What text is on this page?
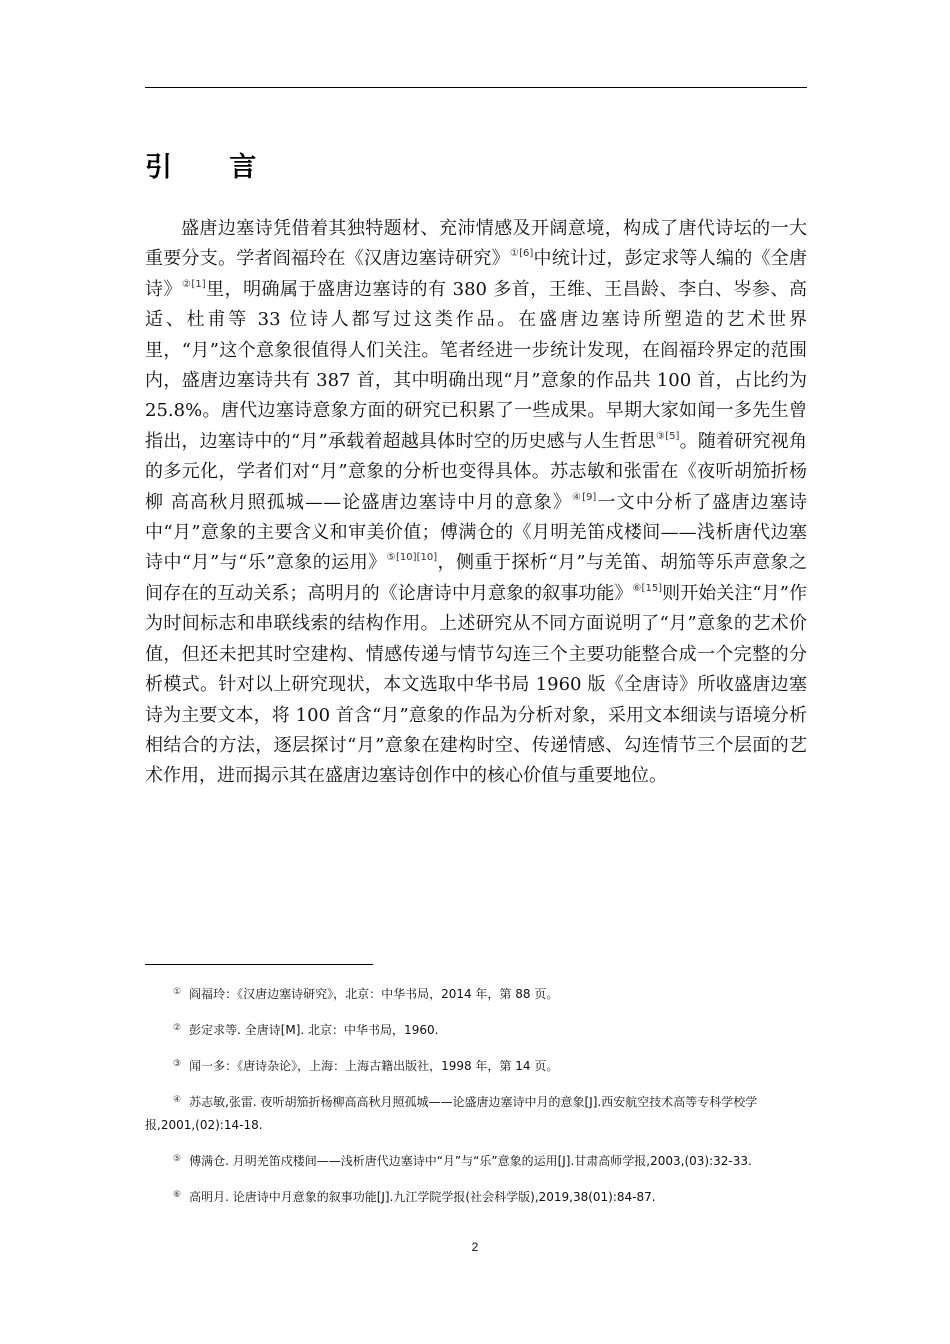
引 言

盛唐边塞诗凭借着其独特题材、充沛情感及开阔意境，构成了唐代诗坛的一大重要分支。学者阎福玲在《汉唐边塞诗研究》$^{①[6]}$中统计过，彭定求等人编的《全唐诗》$^{②[1]}$里，明确属于盛唐边塞诗的有 380 多首，王维、王昌龄、李白、岑参、高适、杜甫等 33 位诗人都写过这类作品。在盛唐边塞诗所塑造的艺术世界里，“月”这个意象很值得人们关注。笔者经进一步统计发现，在阎福玲界定的范围内，盛唐边塞诗共有 387 首，其中明确出现“月”意象的作品共 100 首，占比约为 25.8%。唐代边塞诗意象方面的研究已积累了一些成果。早期大家如闻一多先生曾指出，边塞诗中的“月”承载着超越具体时空的历史感与人生哲思$^{③[5]}$。随着研究视角的多元化，学者们对“月”意象的分析也变得具体。苏志敏和张雷在《夜听胡笳折杨柳 高高秋月照孤城——论盛唐边塞诗中月的意象》$^{④[9]}$一文中分析了盛唐边塞诗中“月”意象的主要含义和审美价值；傅满仓的《月明羌笛戍楼间——浅析唐代边塞诗中“月”与“乐”意象的运用》$^{⑤[10][10]}$，侧重于探析“月”与羌笛、胡笳等乐声意象之间存在的互动关系；高明月的《论唐诗中月意象的叙事功能》$^{⑥[15]}$则开始关注“月”作为时间标志和串联线索的结构作用。上述研究从不同方面说明了“月”意象的艺术价值，但还未把其时空建构、情感传递与情节勾连三个主要功能整合成一个完整的分析模式。针对以上研究现状，本文选取中华书局 1960 版《全唐诗》所收盛唐边塞诗为主要文本，将 100 首含“月”意象的作品为分析对象，采用文本细读与语境分析相结合的方法，逐层探讨“月”意象在建构时空、传递情感、勾连情节三个层面的艺术作用，进而揭示其在盛唐边塞诗创作中的核心价值与重要地位。

① 阎福玲：《汉唐边塞诗研究》，北京：中华书局，2014 年，第 88 页。

② 彭定求等. 全唐诗[M]. 北京：中华书局，1960.

③ 闻一多：《唐诗杂论》，上海：上海古籍出版社，1998 年，第 14 页。

④ 苏志敏,张雷. 夜听胡笳折杨柳高高秋月照孤城——论盛唐边塞诗中月的意象[J].西安航空技术高等专科学校学报,2001,(02):14-18.

⑤ 傅满仓. 月明羌笛戍楼间——浅析唐代边塞诗中“月”与“乐”意象的运用[J].甘肃高师学报,2003,(03):32-33.

⑥ 高明月. 论唐诗中月意象的叙事功能[J].九江学院学报(社会科学版),2019,38(01):84-87.

2
